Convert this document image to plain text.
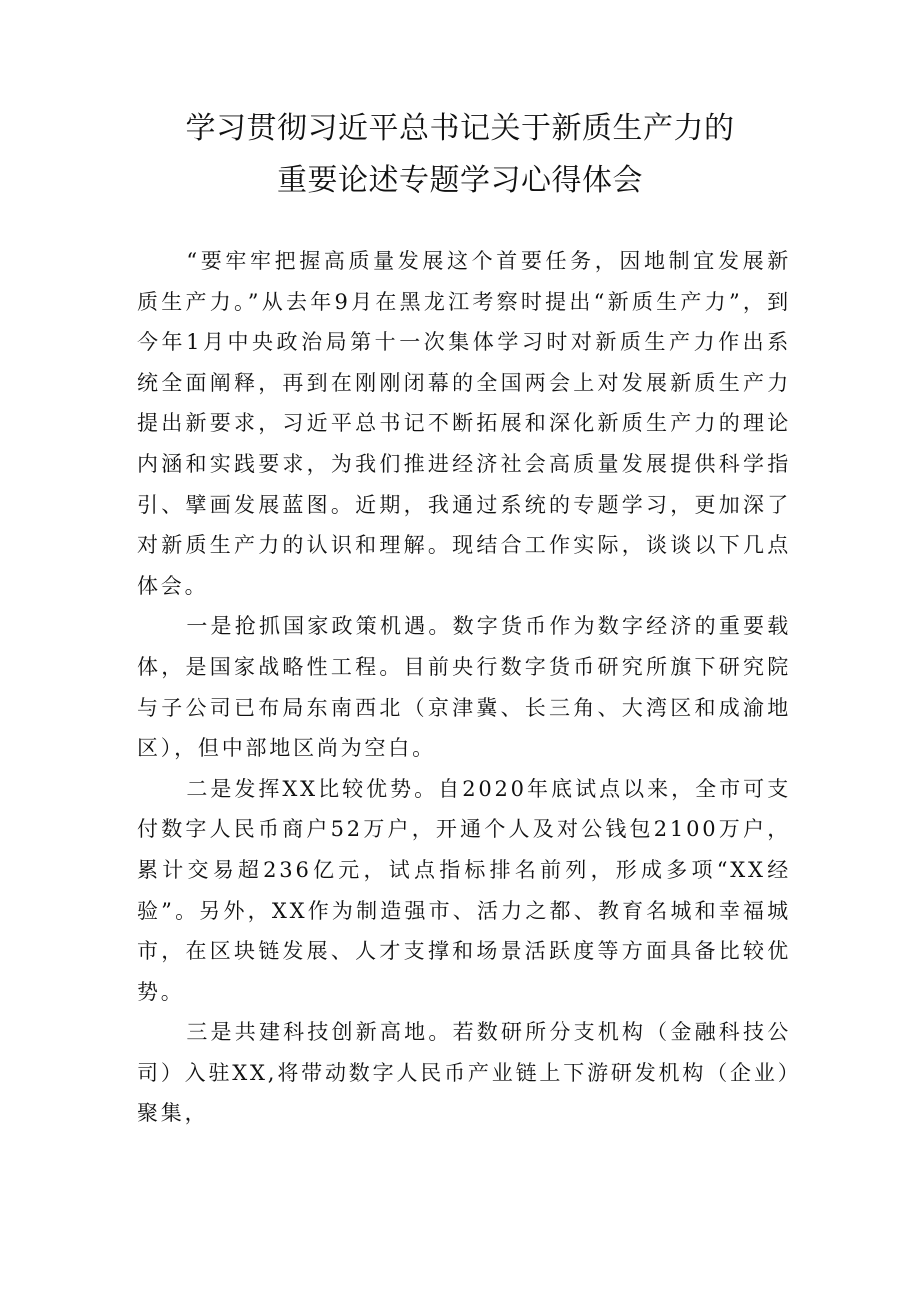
学习贯彻习近平总书记关于新质生产力的
重要论述专题学习心得体会

“要牢牢把握高质量发展这个首要任务，因地制宜发展新质生产力。”从去年9月在黑龙江考察时提出“新质生产力”，到今年1月中央政治局第十一次集体学习时对新质生产力作出系统全面阐释，再到在刚刚闭幕的全国两会上对发展新质生产力提出新要求，习近平总书记不断拓展和深化新质生产力的理论内涵和实践要求，为我们推进经济社会高质量发展提供科学指引、擘画发展蓝图。近期，我通过系统的专题学习，更加深了对新质生产力的认识和理解。现结合工作实际，谈谈以下几点体会。

一是抢抓国家政策机遇。数字货币作为数字经济的重要载体，是国家战略性工程。目前央行数字货币研究所旗下研究院与子公司已布局东南西北（京津冀、长三角、大湾区和成渝地区），但中部地区尚为空白。

二是发挥XX比较优势。自2020年底试点以来，全市可支付数字人民币商户52万户，开通个人及对公钱包2100万户，累计交易超236亿元，试点指标排名前列，形成多项“XX经验”。另外，XX作为制造强市、活力之都、教育名城和幸福城市，在区块链发展、人才支撑和场景活跃度等方面具备比较优势。

三是共建科技创新高地。若数研所分支机构（金融科技公司）入驻XX,将带动数字人民币产业链上下游研发机构（企业）聚集，
